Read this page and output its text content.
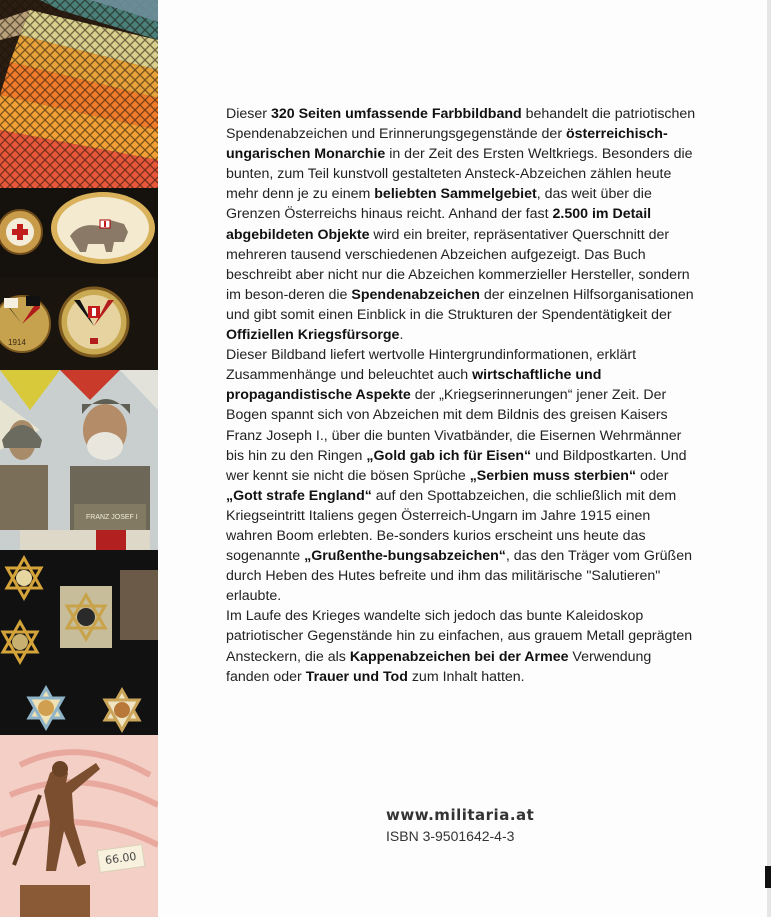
1914
FRANZ JOSEF I
66.00

Dieser 320 Seiten umfassende Farbbildband behandelt die patriotischen Spendenabzeichen und Erinnerungsgegenstände der österreichisch-ungarischen Monarchie in der Zeit des Ersten Weltkriegs. Besonders die bunten, zum Teil kunstvoll gestalteten Ansteck-Abzeichen zählen heute mehr denn je zu einem beliebten Sammelgebiet, das weit über die Grenzen Österreichs hinaus reicht. Anhand der fast 2.500 im Detail abgebildeten Objekte wird ein breiter, repräsentativer Querschnitt der mehreren tausend verschiedenen Abzeichen aufgezeigt. Das Buch beschreibt aber nicht nur die Abzeichen kommerzieller Hersteller, sondern im beson-deren die Spendenabzeichen der einzelnen Hilfsorganisationen und gibt somit einen Einblick in die Strukturen der Spendentätigkeit der Offiziellen Kriegsfürsorge.

Dieser Bildband liefert wertvolle Hintergrundinformationen, erklärt Zusammenhänge und beleuchtet auch wirtschaftliche und propagandistische Aspekte der „Kriegserinnerungen“ jener Zeit. Der Bogen spannt sich von Abzeichen mit dem Bildnis des greisen Kaisers Franz Joseph I., über die bunten Vivatbänder, die Eisernen Wehrmänner bis hin zu den Ringen „Gold gab ich für Eisen“ und Bildpostkarten. Und wer kennt sie nicht die bösen Sprüche „Serbien muss sterbien“ oder „Gott strafe England“ auf den Spottabzeichen, die schließlich mit dem Kriegseintritt Italiens gegen Österreich-Ungarn im Jahre 1915 einen wahren Boom erlebten. Be-sonders kurios erscheint uns heute das sogenannte „Grußenthe-bungsabzeichen“, das den Träger vom Grüßen durch Heben des Hutes befreite und ihm das militärische "Salutieren" erlaubte.

Im Laufe des Krieges wandelte sich jedoch das bunte Kaleidoskop patriotischer Gegenstände hin zu einfachen, aus grauem Metall geprägten Ansteckern, die als Kappenabzeichen bei der Armee Verwendung fanden oder Trauer und Tod zum Inhalt hatten.

www.militaria.at
ISBN 3-9501642-4-3
